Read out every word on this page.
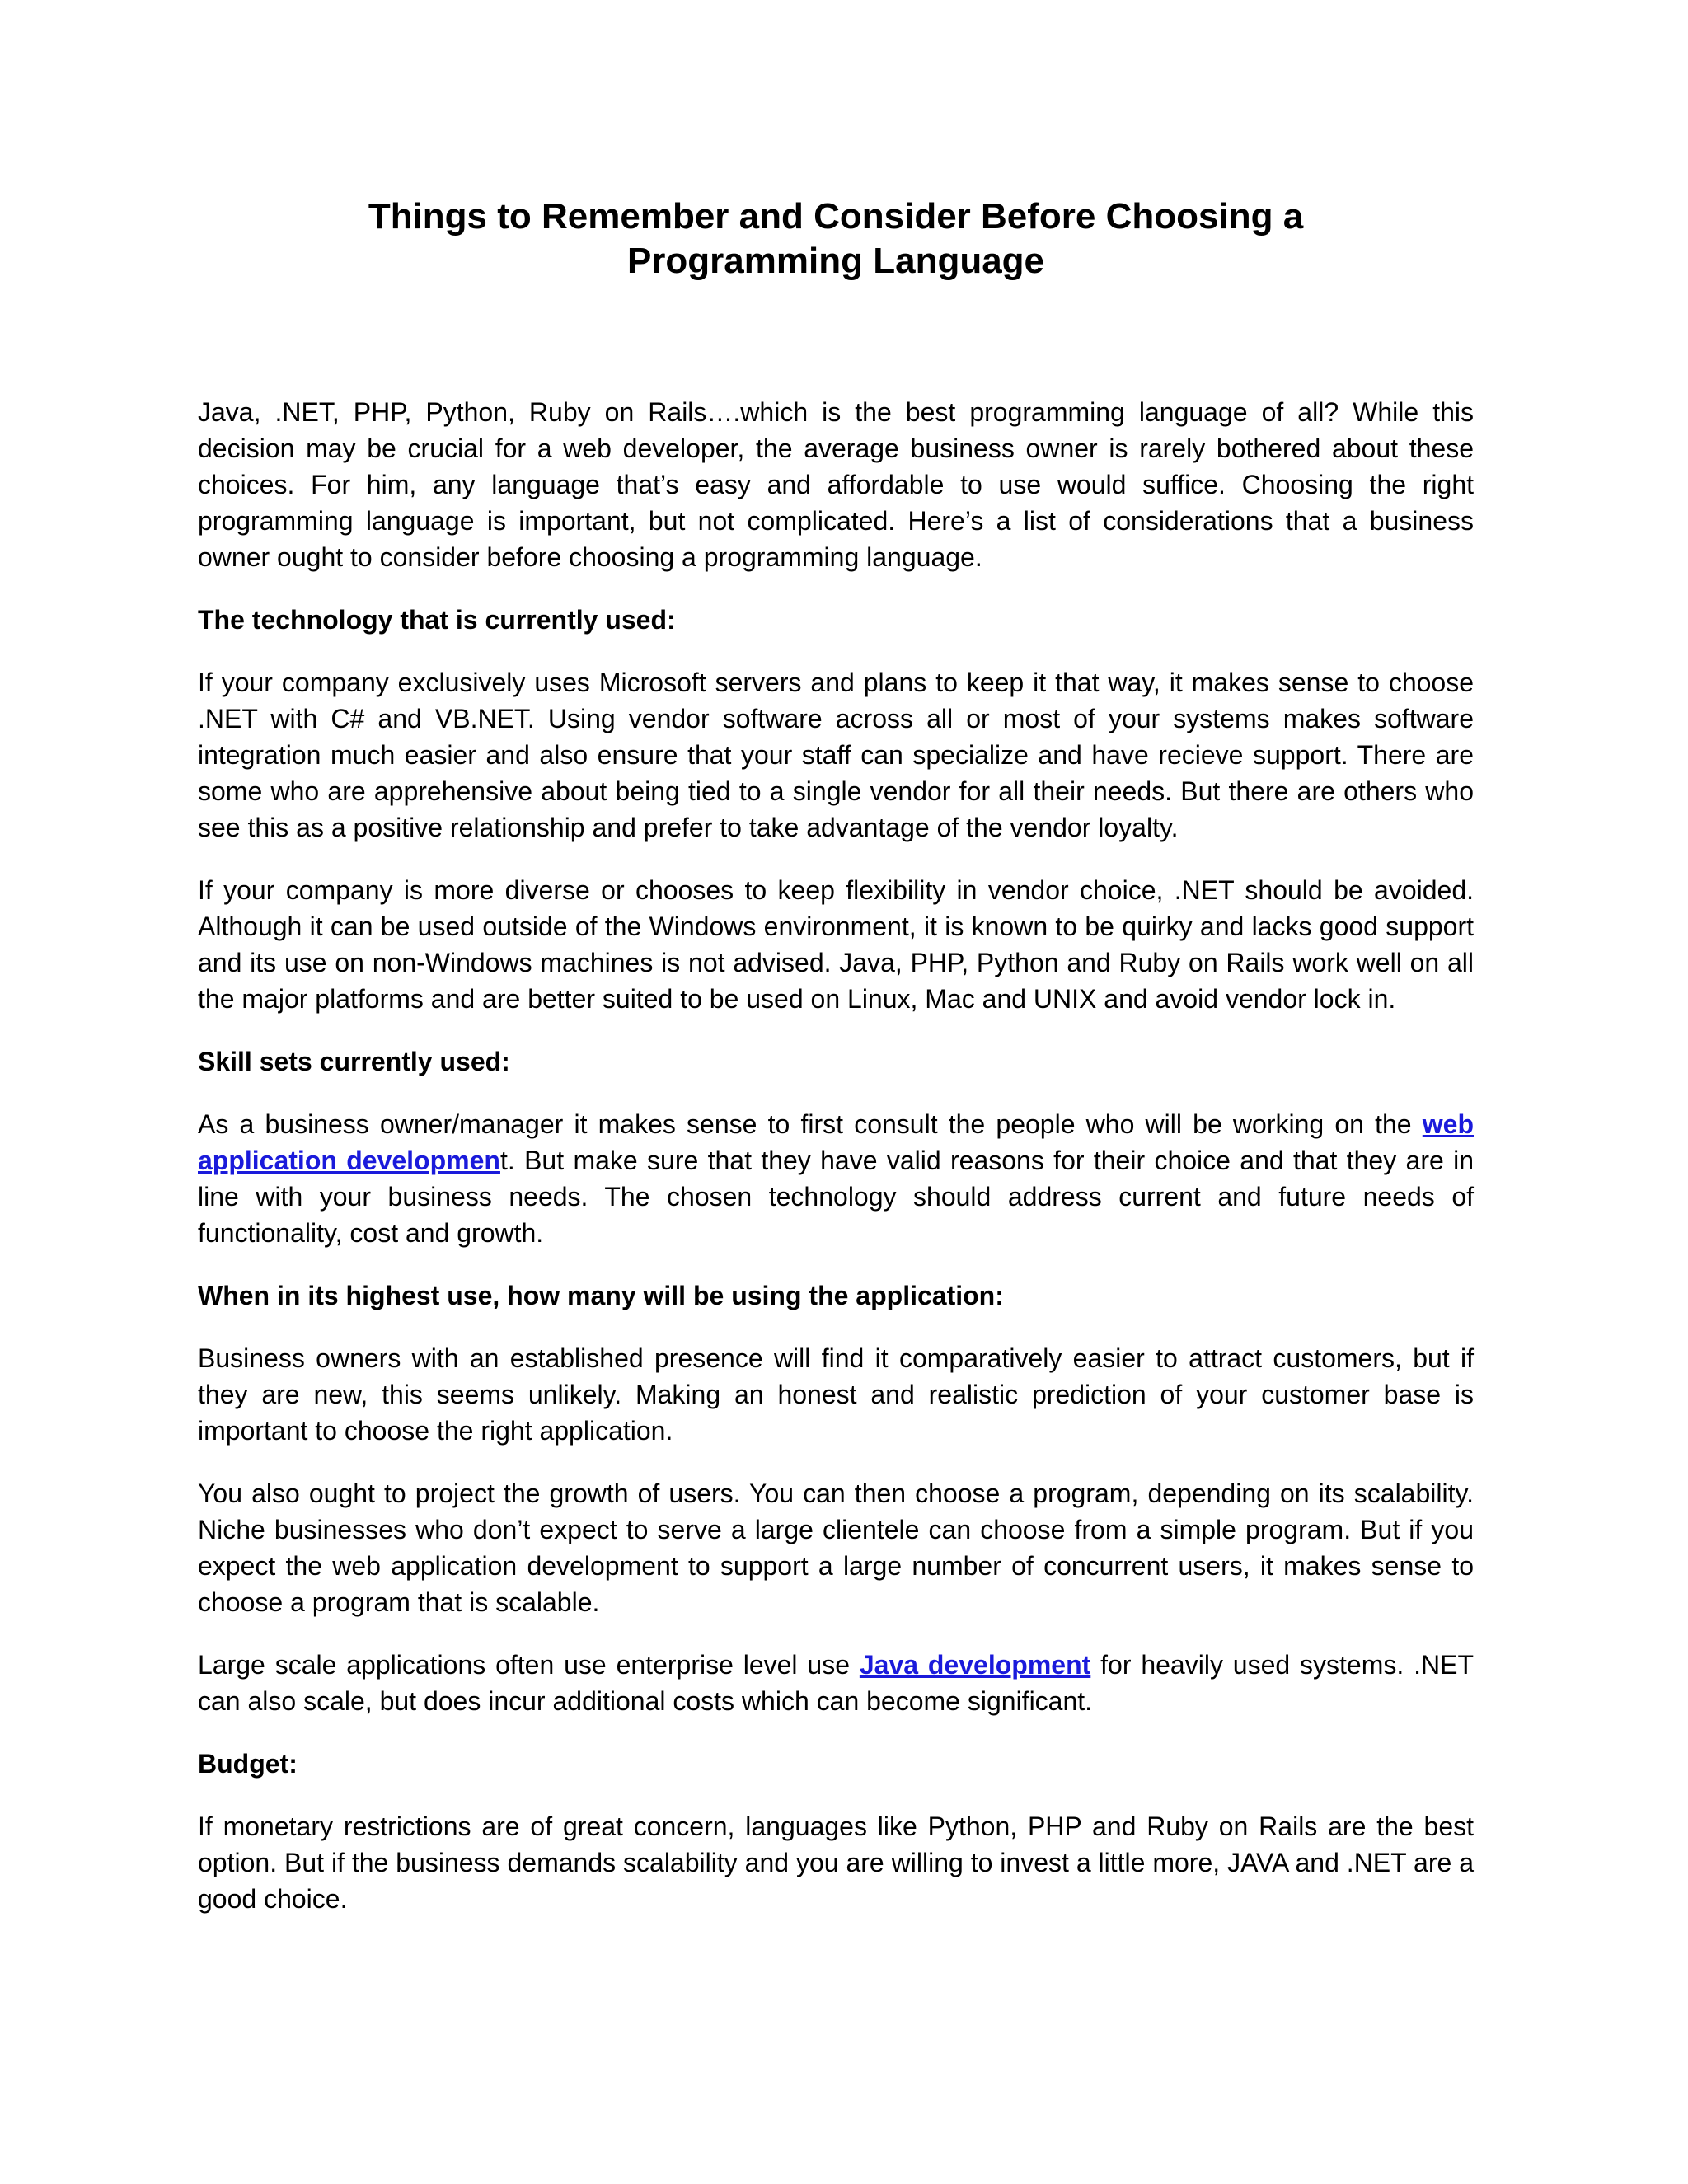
Things to Remember and Consider Before Choosing a
Programming Language

Java, .NET, PHP, Python, Ruby on Rails….which is the best programming language of all? While this decision may be crucial for a web developer, the average business owner is rarely bothered about these choices. For him, any language that’s easy and affordable to use would suffice. Choosing the right programming language is important, but not complicated. Here’s a list of considerations that a business owner ought to consider before choosing a programming language.

The technology that is currently used:

If your company exclusively uses Microsoft servers and plans to keep it that way, it makes sense to choose .NET with C# and VB.NET. Using vendor software across all or most of your systems makes software integration much easier and also ensure that your staff can specialize and have recieve support. There are some who are apprehensive about being tied to a single vendor for all their needs. But there are others who see this as a positive relationship and prefer to take advantage of the vendor loyalty.

If your company is more diverse or chooses to keep flexibility in vendor choice, .NET should be avoided. Although it can be used outside of the Windows environment, it is known to be quirky and lacks good support and its use on non-Windows machines is not advised. Java, PHP, Python and Ruby on Rails work well on all the major platforms and are better suited to be used on Linux, Mac and UNIX and avoid vendor lock in.

Skill sets currently used:

As a business owner/manager it makes sense to first consult the people who will be working on the web application development. But make sure that they have valid reasons for their choice and that they are in line with your business needs. The chosen technology should address current and future needs of functionality, cost and growth.

When in its highest use, how many will be using the application:

Business owners with an established presence will find it comparatively easier to attract customers, but if they are new, this seems unlikely. Making an honest and realistic prediction of your customer base is important to choose the right application.

You also ought to project the growth of users. You can then choose a program, depending on its scalability. Niche businesses who don’t expect to serve a large clientele can choose from a simple program. But if you expect the web application development to support a large number of concurrent users, it makes sense to choose a program that is scalable.

Large scale applications often use enterprise level use Java development for heavily used systems. .NET can also scale, but does incur additional costs which can become significant.

Budget:

If monetary restrictions are of great concern, languages like Python, PHP and Ruby on Rails are the best option. But if the business demands scalability and you are willing to invest a little more, JAVA and .NET are a good choice.
